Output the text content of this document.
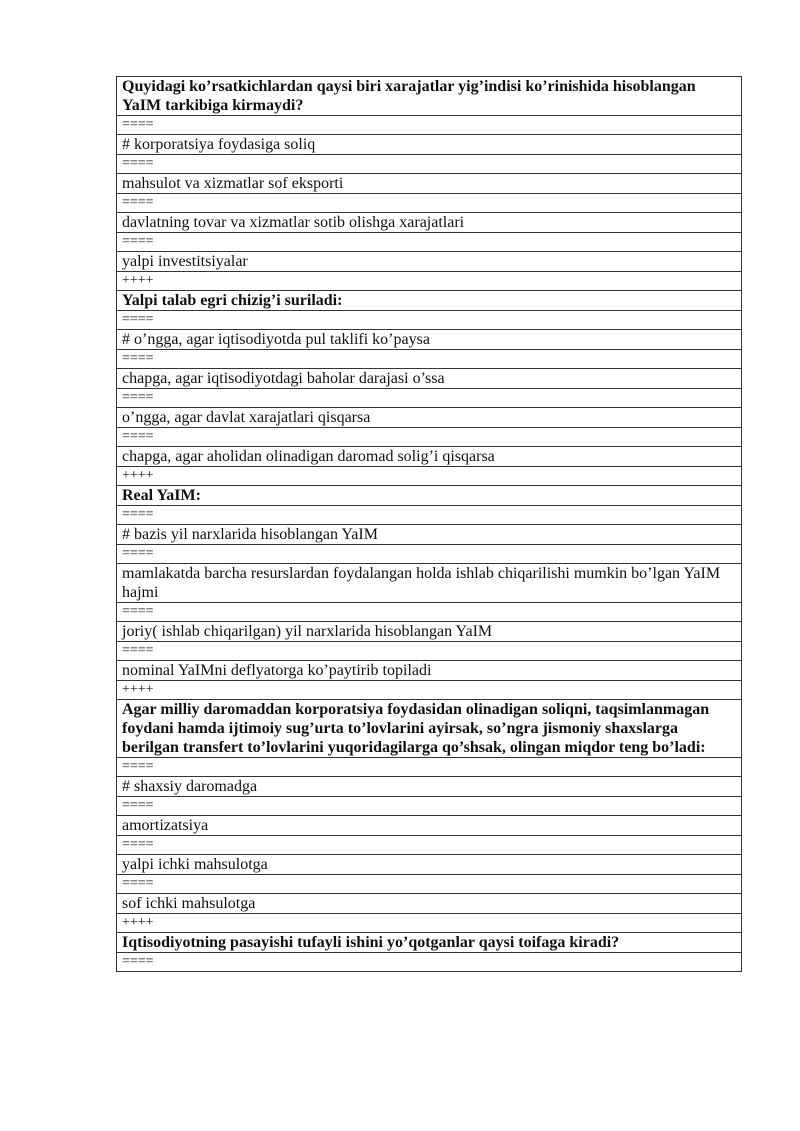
Quyidagi ko’rsatkichlardan qaysi biri xarajatlar yig’indisi ko’rinishida hisoblangan YaIM tarkibiga kirmaydi?
====
# korporatsiya foydasiga soliq
====
mahsulot va xizmatlar sof eksporti
====
davlatning tovar va xizmatlar sotib olishga xarajatlari
====
yalpi investitsiyalar
++++
Yalpi talab egri chizig’i suriladi:
====
# o’ngga, agar iqtisodiyotda pul taklifi ko’paysa
====
chapga, agar iqtisodiyotdagi baholar darajasi o’ssa
====
o’ngga, agar davlat xarajatlari qisqarsa
====
chapga, agar aholidan olinadigan daromad solig’i qisqarsa
++++
Real YaIM:
====
# bazis yil narxlarida hisoblangan YaIM
====
mamlakatda barcha resurslardan foydalangan holda ishlab chiqarilishi mumkin bo’lgan YaIM hajmi
====
joriy( ishlab chiqarilgan) yil narxlarida hisoblangan YaIM
====
nominal YaIMni deflyatorga ko’paytirib topiladi
++++
Agar milliy daromaddan korporatsiya foydasidan olinadigan soliqni, taqsimlanmagan foydani hamda ijtimoiy sug’urta to’lovlarini ayirsak, so’ngra jismoniy shaxslarga berilgan transfert to’lovlarini yuqoridagilarga qo’shsak, olingan miqdor teng bo’ladi:
====
# shaxsiy daromadga
====
amortizatsiya
====
yalpi ichki mahsulotga
====
sof ichki mahsulotga
++++
Iqtisodiyotning pasayishi tufayli ishini yo’qotganlar qaysi toifaga kiradi?
====
